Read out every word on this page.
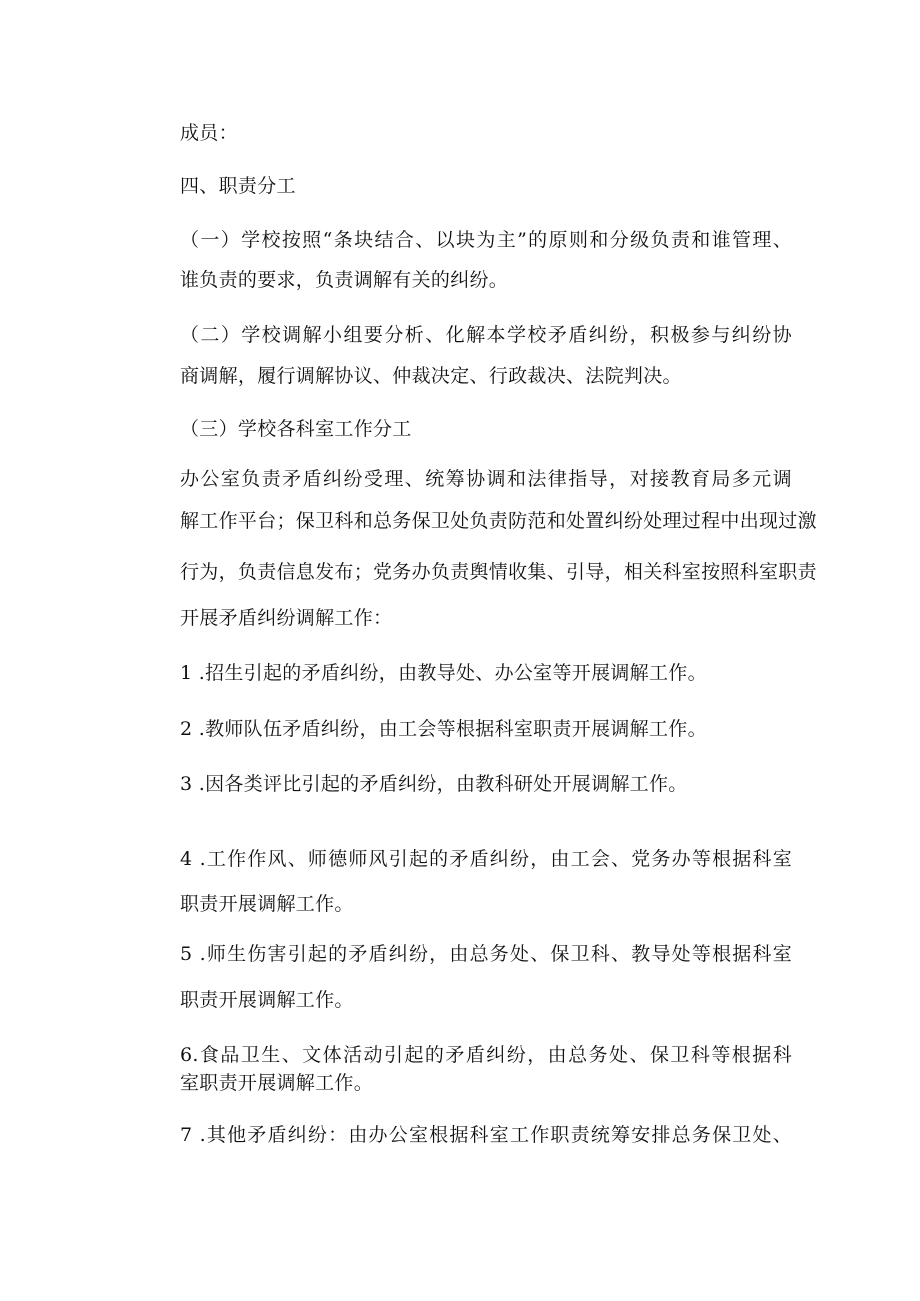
成员：
四、职责分工
（一）学校按照“条块结合、以块为主”的原则和分级负责和谁管理、
谁负责的要求，负责调解有关的纠纷。
（二）学校调解小组要分析、化解本学校矛盾纠纷，积极参与纠纷协
商调解，履行调解协议、仲裁决定、行政裁决、法院判决。
（三）学校各科室工作分工
办公室负责矛盾纠纷受理、统筹协调和法律指导，对接教育局多元调
解工作平台；保卫科和总务保卫处负责防范和处置纠纷处理过程中出现过激
行为，负责信息发布；党务办负责舆情收集、引导，相关科室按照科室职责
开展矛盾纠纷调解工作：
1 .招生引起的矛盾纠纷，由教导处、办公室等开展调解工作。
2 .教师队伍矛盾纠纷，由工会等根据科室职责开展调解工作。
3 .因各类评比引起的矛盾纠纷，由教科研处开展调解工作。
4 .工作作风、师德师风引起的矛盾纠纷，由工会、党务办等根据科室
职责开展调解工作。
5 .师生伤害引起的矛盾纠纷，由总务处、保卫科、教导处等根据科室
职责开展调解工作。
6.食品卫生、文体活动引起的矛盾纠纷，由总务处、保卫科等根据科
室职责开展调解工作。
7 .其他矛盾纠纷：由办公室根据科室工作职责统筹安排总务保卫处、
